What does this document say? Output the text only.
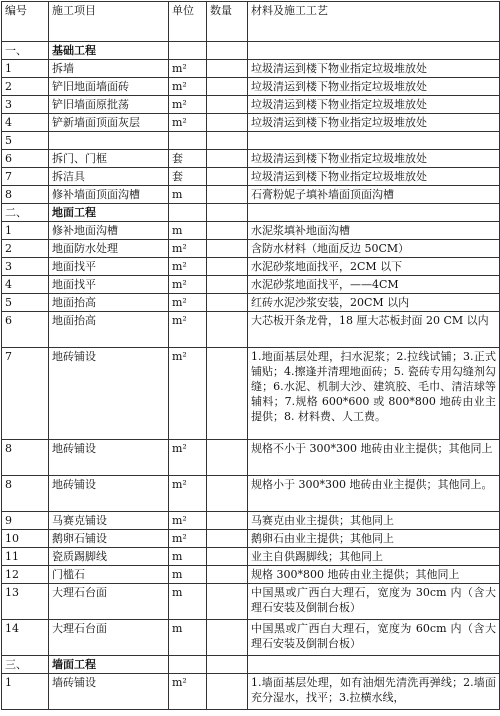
编号	施工项目	单位	数量	材料及施工工艺
一、	基础工程			
1	拆墙	m²		垃圾清运到楼下物业指定垃圾堆放处
2	铲旧地面墙面砖	m²		垃圾清运到楼下物业指定垃圾堆放处
3	铲旧墙面原批荡	m²		垃圾清运到楼下物业指定垃圾堆放处
4	铲新墙面顶面灰层	m²		垃圾清运到楼下物业指定垃圾堆放处
5				
6	拆门、门框	套		垃圾清运到楼下物业指定垃圾堆放处
7	拆洁具	套		垃圾清运到楼下物业指定垃圾堆放处
8	修补墙面顶面沟槽	m		石膏粉妮子填补墙面顶面沟槽
二、	地面工程			
1	修补地面沟槽	m		水泥浆填补地面沟槽
2	地面防水处理	m²		含防水材料（地面反边 50CM）
3	地面找平	m²		水泥砂浆地面找平，2CM 以下
4	地面找平	m²		水泥砂浆地面找平，——4CM
5	地面抬高	m²		红砖水泥沙浆安装，20CM 以内
6	地面抬高	m²		大芯板开条龙骨，18 厘大芯板封面 20 CM 以内
7	地砖铺设	m²		1.地面基层处理，扫水泥浆；2.拉线试铺；3.正式铺贴；4.擦逢并清理地面砖；5. 瓷砖专用勾缝剂勾缝；6.水泥、机制大沙、建筑胶、毛巾、清洁球等辅料；7.规格 600*600 或 800*800 地砖由业主提供；8. 材料费、人工费。
8	地砖铺设	m²		规格不小于 300*300 地砖由业主提供；其他同上
8	地砖铺设	m²		规格小于 300*300 地砖由业主提供；其他同上。
9	马赛克铺设	m²		马赛克由业主提供；其他同上
10	鹅卵石铺设	m²		鹅卵石由业主提供；其他同上
11	瓷质踢脚线	m		业主自供踢脚线；其他同上
12	门槛石	m		规格 300*800 地砖由业主提供；其他同上
13	大理石台面	m		中国黑或广西白大理石，宽度为 30cm 内（含大理石安装及倒制台板）
14	大理石台面	m		中国黑或广西白大理石，宽度为 60cm 内（含大理石安装及倒制台板）
三、	墙面工程			
1	墙砖铺设	m²		1.墙面基层处理，如有油烟先清洗再弹线；2.墙面充分湿水，找平；3.拉横水线，
